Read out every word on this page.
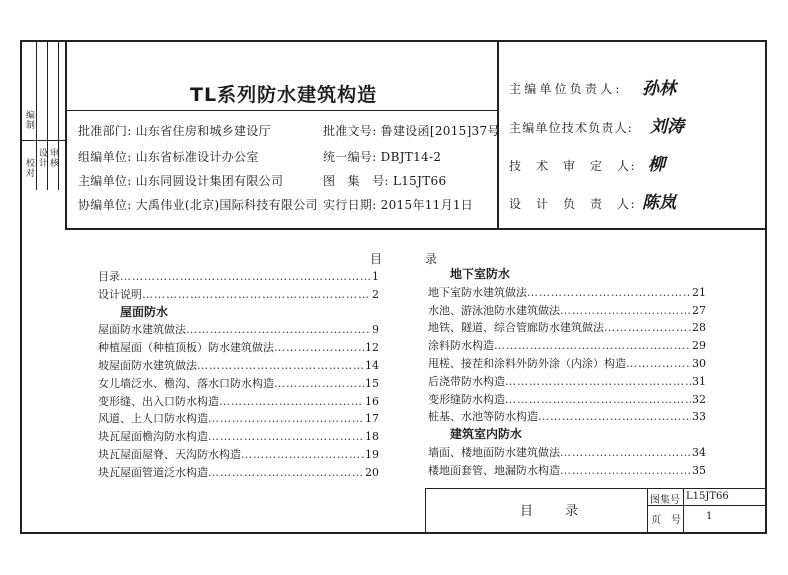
编制
设计 审核
校对
TL系列防水建筑构造
批准部门: 山东省住房和城乡建设厅	批准文号: 鲁建设函[2015]37号
组编单位: 山东省标准设计办公室	统一编号: DBJT14-2
主编单位: 山东同圆设计集团有限公司	图　集　号: L15JT66
协编单位: 大禹伟业(北京)国际科技有限公司 实行日期: 2015年11月1日
主编单位负责人: 孙林
主编单位技术负责人: 刘涛
技　术　审　定　人: 柳
设　计　负　责　人: 陈岚
目	录
目录 ……………………………………………………………………………………………………………………	1
设计说明 ……………………………………………………………………………………………………………………	2
屋面防水
屋面防水建筑做法 ……………………………………………………………………………………………………………………	9
种植屋面（种植顶板）防水建筑做法 ……………………………………………………………………………………………………………………	12
坡屋面防水建筑做法 ……………………………………………………………………………………………………………………	14
女儿墙泛水、檐沟、落水口防水构造 ……………………………………………………………………………………………………………………	15
变形缝、出入口防水构造 ……………………………………………………………………………………………………………………	16
风道、上人口防水构造 ……………………………………………………………………………………………………………………	17
块瓦屋面檐沟防水构造 ……………………………………………………………………………………………………………………	18
块瓦屋面屋脊、天沟防水构造 ……………………………………………………………………………………………………………………	19
块瓦屋面管道泛水构造 ……………………………………………………………………………………………………………………	20
地下室防水
地下室防水建筑做法 ……………………………………………………………………………………………………………………	21
水池、游泳池防水建筑做法 ……………………………………………………………………………………………………………………	27
地铁、隧道、综合管廊防水建筑做法 ……………………………………………………………………………………………………………………	28
涂料防水构造 ……………………………………………………………………………………………………………………	29
甩槎、接茬和涂料外防外涂（内涂）构造 ……………………………………………………………………………………………………………………	30
后浇带防水构造 ……………………………………………………………………………………………………………………	31
变形缝防水构造 ……………………………………………………………………………………………………………………	32
桩基、水池等防水构造 ……………………………………………………………………………………………………………………	33
建筑室内防水
墙面、楼地面防水建筑做法 ……………………………………………………………………………………………………………………	34
楼地面套管、地漏防水构造 ……………………………………………………………………………………………………………………	35
目　　录
图集号 L15JT66
页　号	1
